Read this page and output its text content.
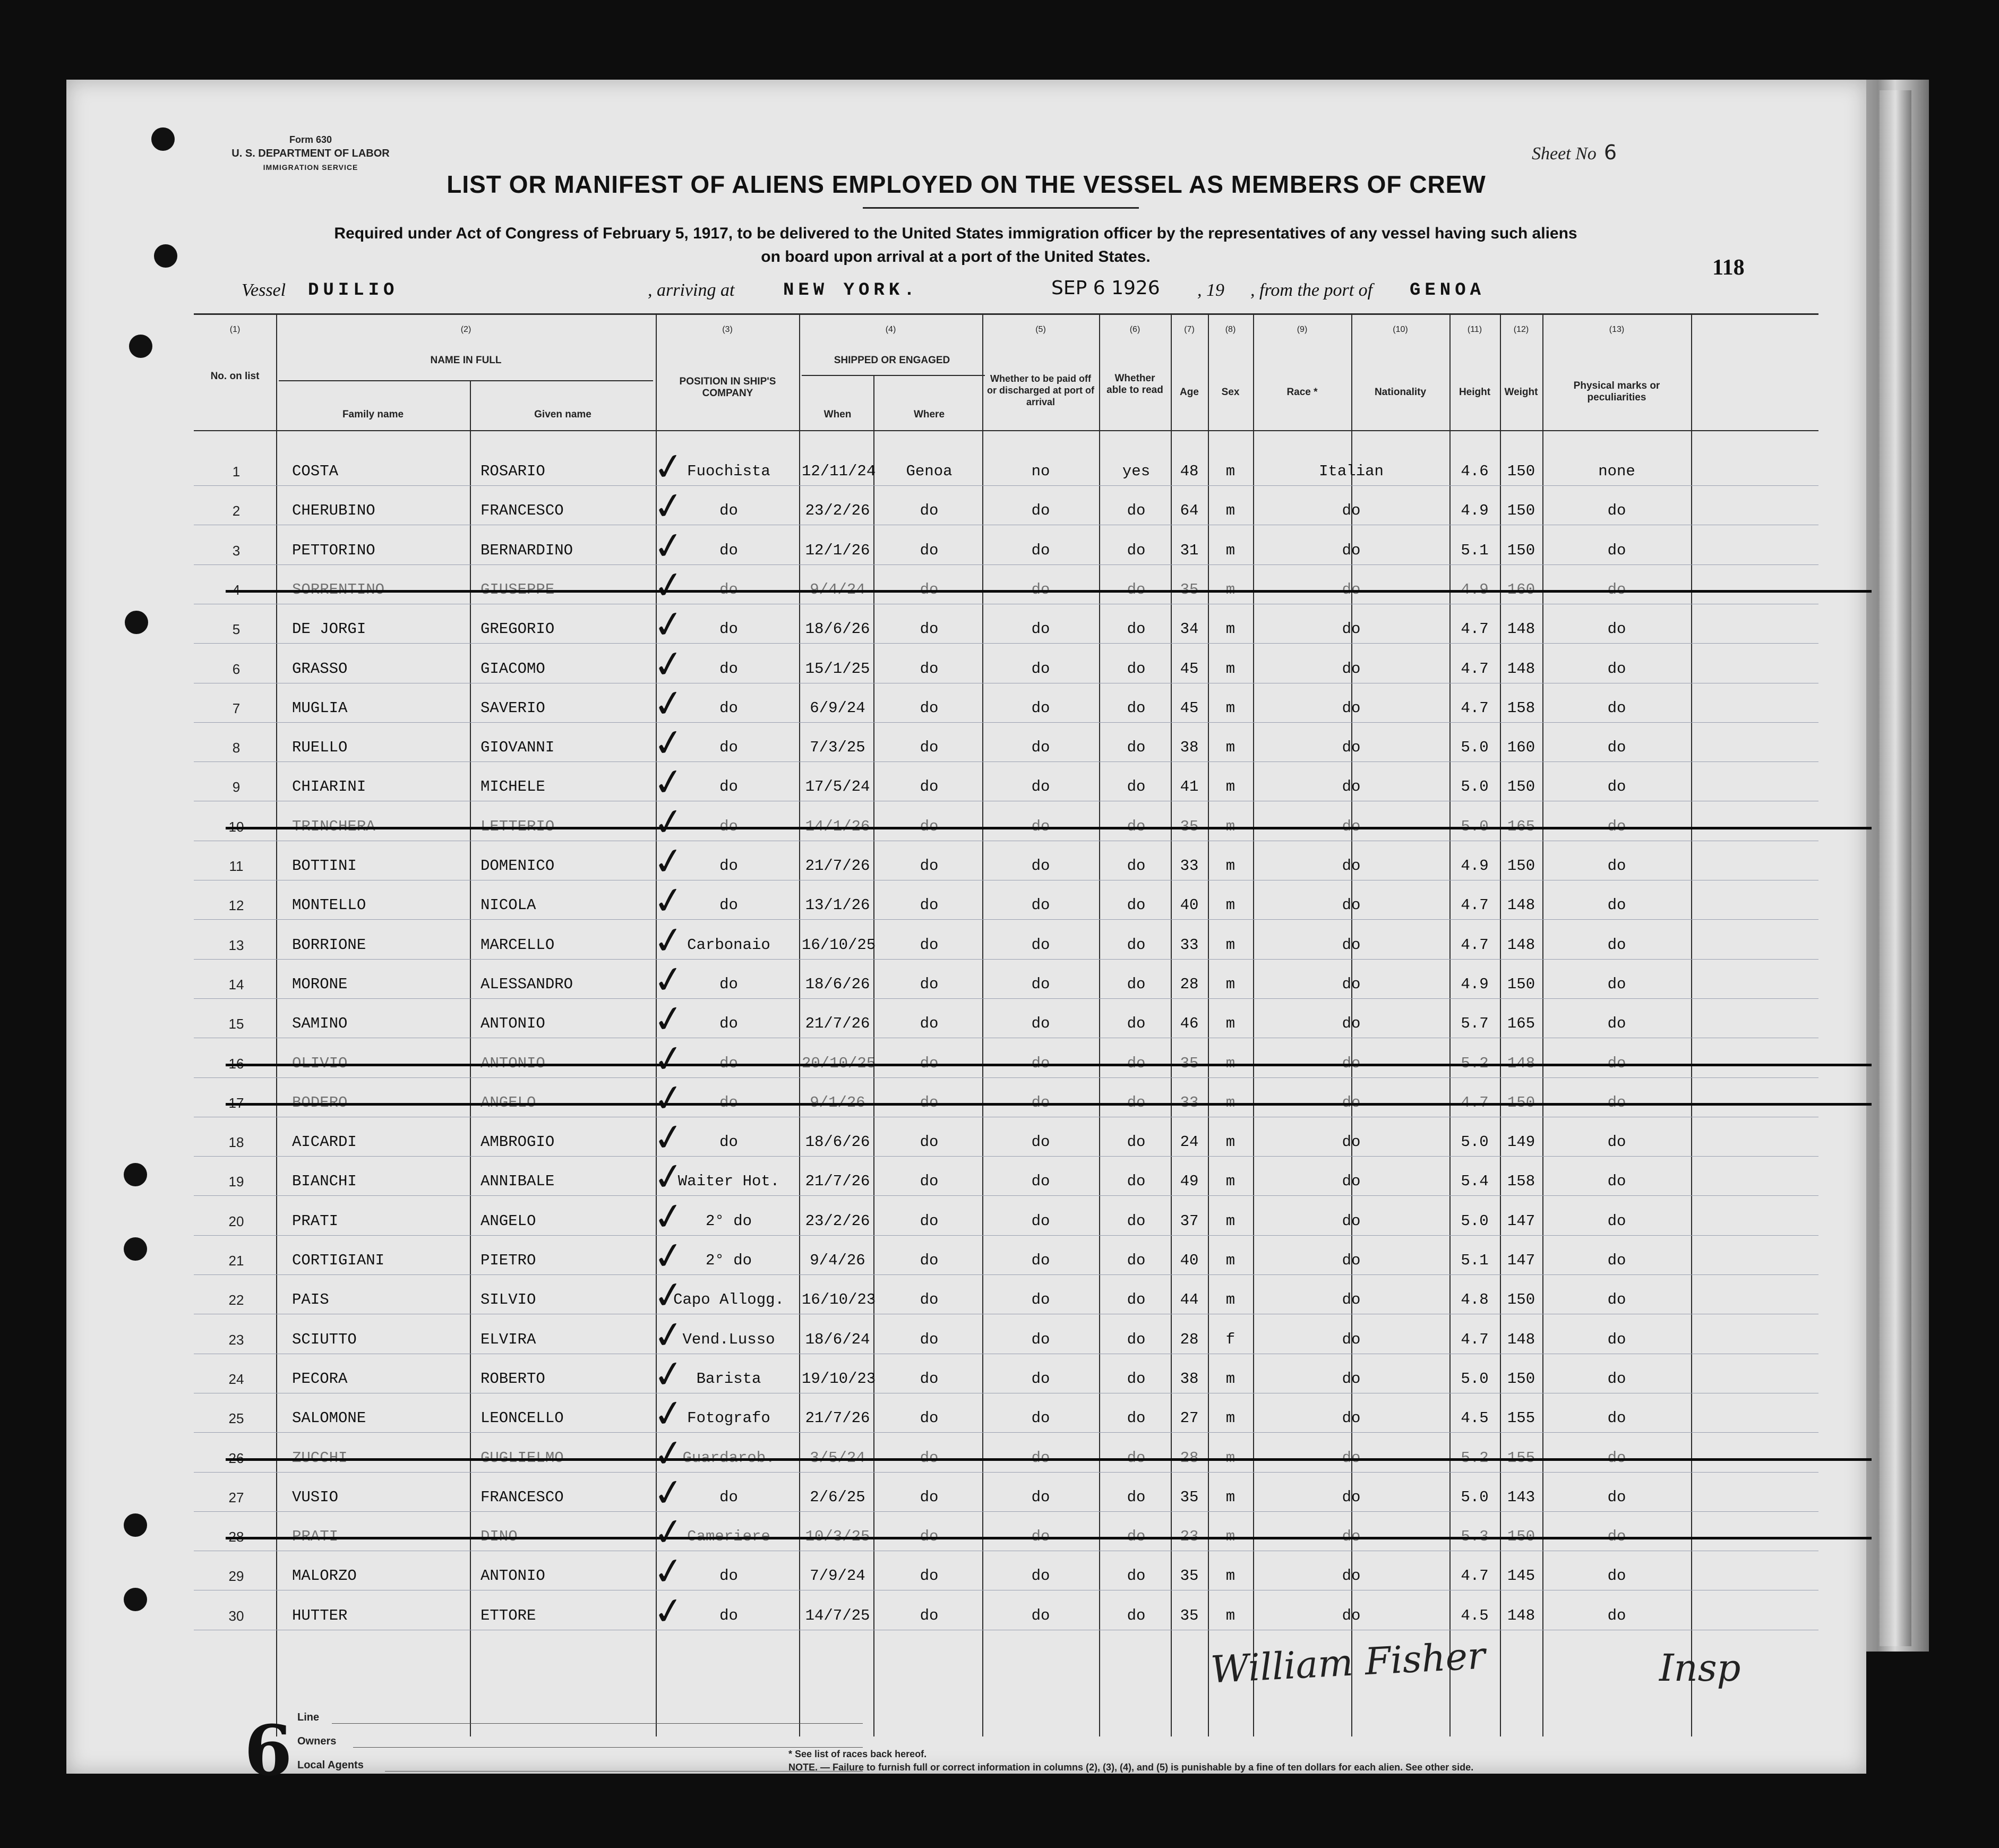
Form 630
U. S. DEPARTMENT OF LABOR
IMMIGRATION SERVICE
Sheet No 6
LIST OR MANIFEST OF ALIENS EMPLOYED ON THE VESSEL AS MEMBERS OF CREW
Required under Act of Congress of February 5, 1917, to be delivered to the United States immigration officer by the representatives of any vessel having such aliens
on board upon arrival at a port of the United States.	118
Vessel DUILIO	, arriving at	NEW YORK.	SEP 6 1926 , 19 , from the port of GENOA
(1)	(2)	(3)	(4)	(5)	(6)	(7)	(8)	(9)	(10)	(11)	(12)	(13)
No. on list
NAME IN FULL
Family name	Given name
POSITION IN SHIP'S COMPANY
SHIPPED OR ENGAGED
When	Where
Whether to be paid off or discharged at port of arrival
Whether able to read	Age	Sex	Race *	Nationality	Height	Weight
Physical marks or peculiarities
1	COSTA	ROSARIO	Fuochista	12/11/24	Genoa	no	yes	48	m	Italian	4.6	150	none
✓
2	CHERUBINO	FRANCESCO	do	23/2/26	do	do	do	64	m	do	4.9	150	do
✓
3	PETTORINO	BERNARDINO	do	12/1/26	do	do	do	31	m	do	5.1	150	do
✓
4	SORRENTINO	GIUSEPPE	do	9/4/24	do	do	do	35	m	do	4.9	160	do
✓
5	DE JORGI	GREGORIO	do	18/6/26	do	do	do	34	m	do	4.7	148	do
✓
6	GRASSO	GIACOMO	do	15/1/25	do	do	do	45	m	do	4.7	148	do
✓
7	MUGLIA	SAVERIO	do	6/9/24	do	do	do	45	m	do	4.7	158	do
✓
8	RUELLO	GIOVANNI	do	7/3/25	do	do	do	38	m	do	5.0	160	do
✓
9	CHIARINI	MICHELE	do	17/5/24	do	do	do	41	m	do	5.0	150	do
✓
10	TRINCHERA	LETTERIO	do	14/1/26	do	do	do	35	m	do	5.0	165	do
✓
11	BOTTINI	DOMENICO	do	21/7/26	do	do	do	33	m	do	4.9	150	do
✓
12	MONTELLO	NICOLA	do	13/1/26	do	do	do	40	m	do	4.7	148	do
✓
13	BORRIONE	MARCELLO	Carbonaio	16/10/25	do	do	do	33	m	do	4.7	148	do
✓
14	MORONE	ALESSANDRO	do	18/6/26	do	do	do	28	m	do	4.9	150	do
✓
15	SAMINO	ANTONIO	do	21/7/26	do	do	do	46	m	do	5.7	165	do
✓
16	OLIVIO	ANTONIO	do	20/10/25	do	do	do	35	m	do	5.2	148	do
✓
17	BODERO	ANGELO	do	9/1/26	do	do	do	33	m	do	4.7	150	do
✓
18	AICARDI	AMBROGIO	do	18/6/26	do	do	do	24	m	do	5.0	149	do
✓
19	BIANCHI	ANNIBALE	Waiter Hot.	21/7/26	do	do	do	49	m	do	5.4	158	do
✓
20	PRATI	ANGELO	2° do	23/2/26	do	do	do	37	m	do	5.0	147	do
✓
21	CORTIGIANI	PIETRO	2° do	9/4/26	do	do	do	40	m	do	5.1	147	do
✓
22	PAIS	SILVIO	Capo Allogg.	16/10/23	do	do	do	44	m	do	4.8	150	do
✓
23	SCIUTTO	ELVIRA	Vend.Lusso	18/6/24	do	do	do	28	f	do	4.7	148	do
✓
24	PECORA	ROBERTO	Barista	19/10/23	do	do	do	38	m	do	5.0	150	do
✓
25	SALOMONE	LEONCELLO	Fotografo	21/7/26	do	do	do	27	m	do	4.5	155	do
✓
26	ZUCCHI	GUGLIELMO	Guardarob.	3/5/24	do	do	do	28	m	do	5.2	155	do
✓
27	VUSIO	FRANCESCO	do	2/6/25	do	do	do	35	m	do	5.0	143	do
✓
28	PRATI	DINO	Cameriere	10/3/25	do	do	do	23	m	do	5.3	150	do
✓
29	MALORZO	ANTONIO	do	7/9/24	do	do	do	35	m	do	4.7	145	do
✓
30	HUTTER	ETTORE	do	14/7/25	do	do	do	35	m	do	4.5	148	do
✓
6 Line
Owners
Local Agents
* See list of races back hereof.
NOTE. — Failure to furnish full or correct information in columns (2), (3), (4), and (5) is punishable by a fine of ten dollars for each alien. See other side.
William Fisher	Insp
